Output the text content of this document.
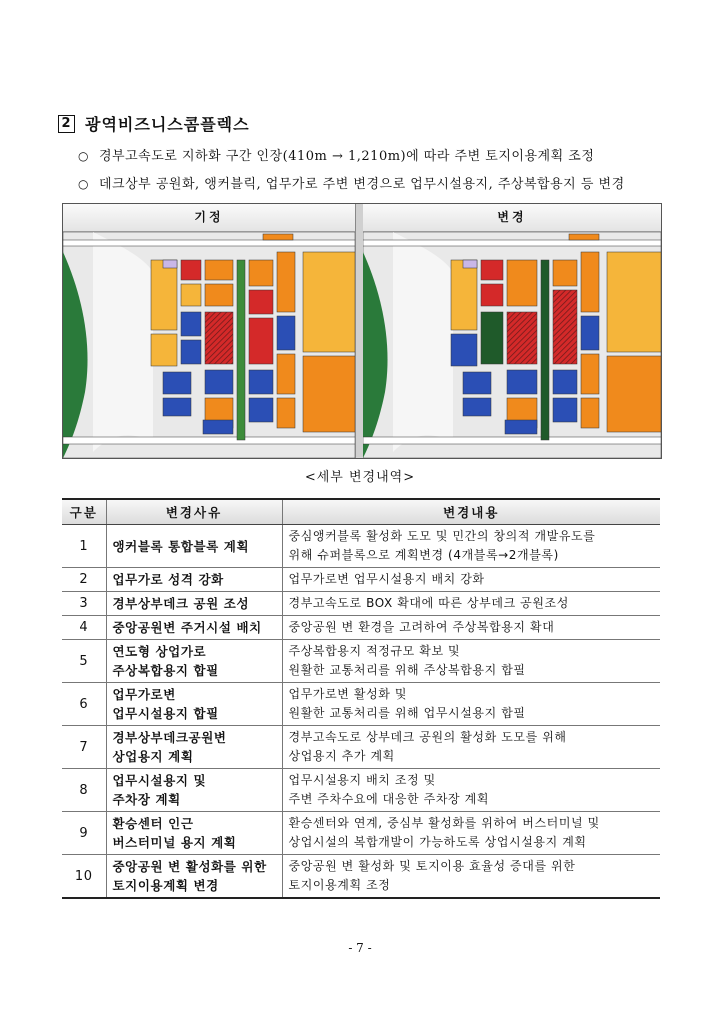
2 광역비즈니스콤플렉스
○ 경부고속도로 지하화 구간 인장(410m → 1,210m)에 따라 주변 토지이용계획 조정
○ 데크상부 공원화, 앵커블릭, 업무가로 주변 변경으로 업무시설용지, 주상복합용지 등 변경
기정	변경
<세부 변경내역>
구분	변경사유	변경내용
1	앵커블록 통합블록 계획	중심앵커블록 활성화 도모 및 민간의 창의적 개발유도를
위해 슈퍼블록으로 계획변경 (4개블록→2개블록)

2	업무가로 성격 강화	업무가로변 업무시설용지 배치 강화

3	경부상부데크 공원 조성	경부고속도로 BOX 확대에 따른 상부데크 공원조성

4	중앙공원변 주거시설 배치	중앙공원 변 환경을 고려하여 주상복합용지 확대

5	연도형 상업가로
주상복합용지 합필	주상복합용지 적정규모 확보 및
원활한 교통처리를 위해 주상복합용지 합필

6	업무가로변
업무시설용지 합필	업무가로변 활성화 및
원활한 교통처리를 위해 업무시설용지 합필

7	경부상부데크공원변
상업용지 계획	경부고속도로 상부데크 공원의 활성화 도모를 위해
상업용지 추가 계획

8	업무시설용지 및
주차장 계획	업무시설용지 배치 조정 및
주변 주차수요에 대응한 주차장 계획

9	환승센터 인근
버스터미널 용지 계획	환승센터와 연계, 중심부 활성화를 위하여 버스터미널 및
상업시설의 복합개발이 가능하도록 상업시설용지 계획

10	중앙공원 변 활성화를 위한
토지이용계획 변경	중앙공원 변 활성화 및 토지이용 효율성 증대를 위한
토지이용계획 조정
- 7 -
